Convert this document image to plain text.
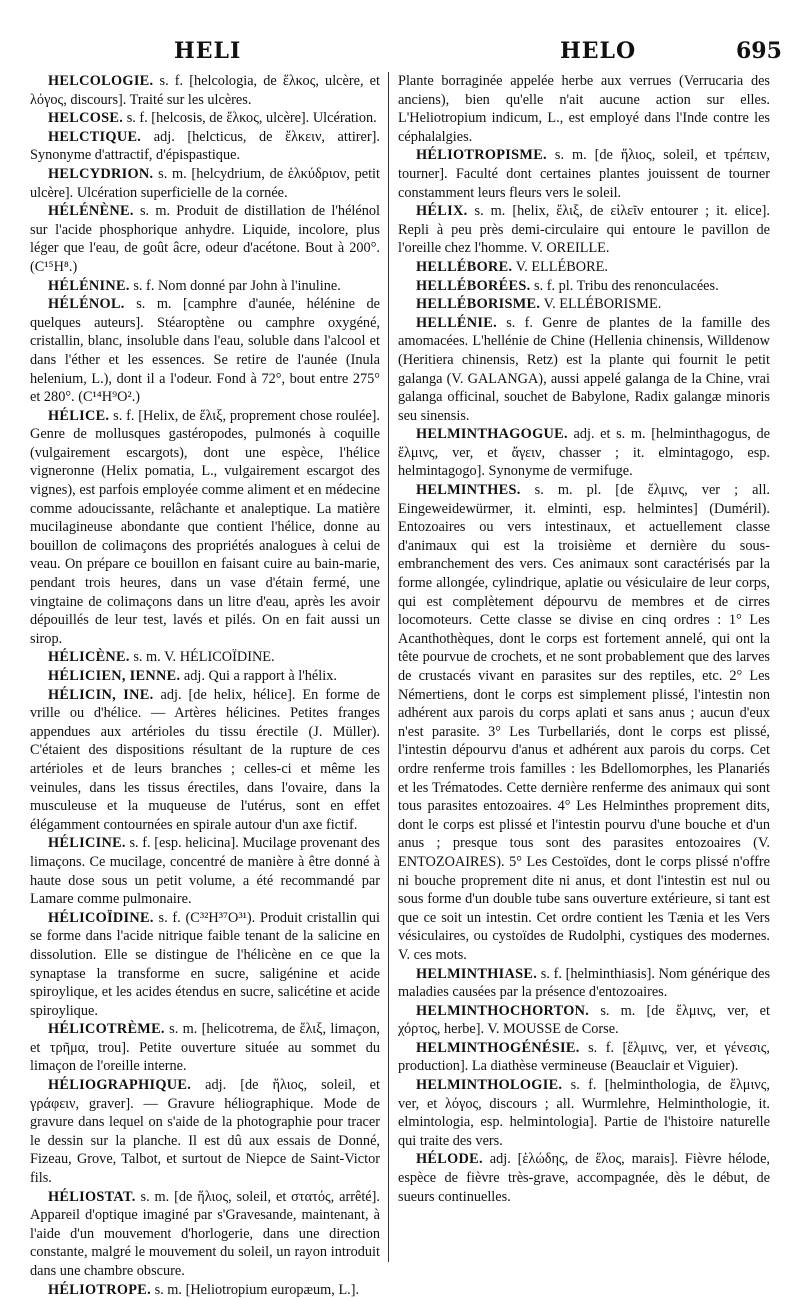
HELI	HELO	695

HELCOLOGIE. s. f. [helcologia, de ἕλκος, ulcère, et λόγος, discours]. Traité sur les ulcères.

HELCOSE. s. f. [helcosis, de ἕλκος, ulcère]. Ulcération.

HELCTIQUE. adj. [helcticus, de ἕλκειν, attirer]. Synonyme d'attractif, d'épispastique.

HELCYDRION. s. m. [helcydrium, de ἑλκύδριον, petit ulcère]. Ulcération superficielle de la cornée.

HÉLÉNÈNE. s. m. Produit de distillation de l'hélénol sur l'acide phosphorique anhydre. Liquide, incolore, plus léger que l'eau, de goût âcre, odeur d'acétone. Bout à 200°. (C¹⁵H⁸.)

HÉLÉNINE. s. f. Nom donné par John à l'inuline.

HÉLÉNOL. s. m. [camphre d'aunée, hélénine de quelques auteurs]. Stéaroptène ou camphre oxygéné, cristallin, blanc, insoluble dans l'eau, soluble dans l'alcool et dans l'éther et les essences. Se retire de l'aunée (Inula helenium, L.), dont il a l'odeur. Fond à 72°, bout entre 275° et 280°. (C¹⁴H⁹O².)

HÉLICE. s. f. [Helix, de ἕλιξ, proprement chose roulée]. Genre de mollusques gastéropodes, pulmonés à coquille (vulgairement escargots), dont une espèce, l'hélice vigneronne (Helix pomatia, L., vulgairement escargot des vignes), est parfois employée comme aliment et en médecine comme adoucissante, relâchante et analeptique. La matière mucilagineuse abondante que contient l'hélice, donne au bouillon de colimaçons des propriétés analogues à celui de veau. On prépare ce bouillon en faisant cuire au bain-marie, pendant trois heures, dans un vase d'étain fermé, une vingtaine de colimaçons dans un litre d'eau, après les avoir dépouillés de leur test, lavés et pilés. On en fait aussi un sirop.

HÉLICÈNE. s. m. V. HÉLICOÏDINE.

HÉLICIEN, IENNE. adj. Qui a rapport à l'hélix.

HÉLICIN, INE. adj. [de helix, hélice]. En forme de vrille ou d'hélice. — Artères hélicines. Petites franges appendues aux artérioles du tissu érectile (J. Müller). C'étaient des dispositions résultant de la rupture de ces artérioles et de leurs branches ; celles-ci et même les veinules, dans les tissus érectiles, dans l'ovaire, dans la musculeuse et la muqueuse de l'utérus, sont en effet élégamment contournées en spirale autour d'un axe fictif.

HÉLICINE. s. f. [esp. helicina]. Mucilage provenant des limaçons. Ce mucilage, concentré de manière à être donné à haute dose sous un petit volume, a été recommandé par Lamare comme pulmonaire.

HÉLICOÏDINE. s. f. (C³²H³⁷O³¹). Produit cristallin qui se forme dans l'acide nitrique faible tenant de la salicine en dissolution. Elle se distingue de l'hélicène en ce que la synaptase la transforme en sucre, saligénine et acide spiroylique, et les acides étendus en sucre, salicétine et acide spiroylique.

HÉLICOTRÈME. s. m. [helicotrema, de ἕλιξ, limaçon, et τρῆμα, trou]. Petite ouverture située au sommet du limaçon de l'oreille interne.

HÉLIOGRAPHIQUE. adj. [de ἥλιος, soleil, et γράφειν, graver]. — Gravure héliographique. Mode de gravure dans lequel on s'aide de la photographie pour tracer le dessin sur la planche. Il est dû aux essais de Donné, Fizeau, Grove, Talbot, et surtout de Niepce de Saint-Victor fils.

HÉLIOSTAT. s. m. [de ἥλιος, soleil, et στατός, arrêté]. Appareil d'optique imaginé par s'Gravesande, maintenant, à l'aide d'un mouvement d'horlogerie, dans une direction constante, malgré le mouvement du soleil, un rayon introduit dans une chambre obscure.

HÉLIOTROPE. s. m. [Heliotropium europæum, L.].

Plante borraginée appelée herbe aux verrues (Verrucaria des anciens), bien qu'elle n'ait aucune action sur elles. L'Heliotropium indicum, L., est employé dans l'Inde contre les céphalalgies.

HÉLIOTROPISME. s. m. [de ἥλιος, soleil, et τρέπειν, tourner]. Faculté dont certaines plantes jouissent de tourner constamment leurs fleurs vers le soleil.

HÉLIX. s. m. [helix, ἕλιξ, de εἱλεῖν entourer ; it. elice]. Repli à peu près demi-circulaire qui entoure le pavillon de l'oreille chez l'homme. V. OREILLE.

HELLÉBORE. V. ELLÉBORE.

HELLÉBORÉES. s. f. pl. Tribu des renonculacées.

HELLÉBORISME. V. ELLÉBORISME.

HELLÉNIE. s. f. Genre de plantes de la famille des amomacées. L'hellénie de Chine (Hellenia chinensis, Willdenow (Heritiera chinensis, Retz) est la plante qui fournit le petit galanga (V. GALANGA), aussi appelé galanga de la Chine, vrai galanga officinal, souchet de Babylone, Radix galangæ minoris seu sinensis.

HELMINTHAGOGUE. adj. et s. m. [helminthagogus, de ἕλμινς, ver, et ἄγειν, chasser ; it. elmintagogo, esp. helmintagogo]. Synonyme de vermifuge.

HELMINTHES. s. m. pl. [de ἕλμινς, ver ; all. Eingeweidewürmer, it. elminti, esp. helmintes] (Duméril). Entozoaires ou vers intestinaux, et actuellement classe d'animaux qui est la troisième et dernière du sous-embranchement des vers. Ces animaux sont caractérisés par la forme allongée, cylindrique, aplatie ou vésiculaire de leur corps, qui est complètement dépourvu de membres et de cirres locomoteurs. Cette classe se divise en cinq ordres : 1° Les Acanthothèques, dont le corps est fortement annelé, qui ont la tête pourvue de crochets, et ne sont probablement que des larves de crustacés vivant en parasites sur des reptiles, etc. 2° Les Némertiens, dont le corps est simplement plissé, l'intestin non adhérent aux parois du corps aplati et sans anus ; aucun d'eux n'est parasite. 3° Les Turbellariés, dont le corps est plissé, l'intestin dépourvu d'anus et adhérent aux parois du corps. Cet ordre renferme trois familles : les Bdellomorphes, les Planariés et les Trématodes. Cette dernière renferme des animaux qui sont tous parasites entozoaires. 4° Les Helminthes proprement dits, dont le corps est plissé et l'intestin pourvu d'une bouche et d'un anus ; presque tous sont des parasites entozoaires (V. ENTOZOAIRES). 5° Les Cestoïdes, dont le corps plissé n'offre ni bouche proprement dite ni anus, et dont l'intestin est nul ou sous forme d'un double tube sans ouverture extérieure, si tant est que ce soit un intestin. Cet ordre contient les Tænia et les Vers vésiculaires, ou cystoïdes de Rudolphi, cystiques des modernes. V. ces mots.

HELMINTHIASE. s. f. [helminthiasis]. Nom générique des maladies causées par la présence d'entozoaires.

HELMINTHOCHORTON. s. m. [de ἕλμινς, ver, et χόρτος, herbe]. V. MOUSSE de Corse.

HELMINTHOGÉNÉSIE. s. f. [ἕλμινς, ver, et γένεσις, production]. La diathèse vermineuse (Beauclair et Viguier).

HELMINTHOLOGIE. s. f. [helminthologia, de ἕλμινς, ver, et λόγος, discours ; all. Wurmlehre, Helminthologie, it. elmintologia, esp. helmintologia]. Partie de l'histoire naturelle qui traite des vers.

HÉLODE. adj. [ἑλώδης, de ἕλος, marais]. Fièvre hélode, espèce de fièvre très-grave, accompagnée, dès le début, de sueurs continuelles.
